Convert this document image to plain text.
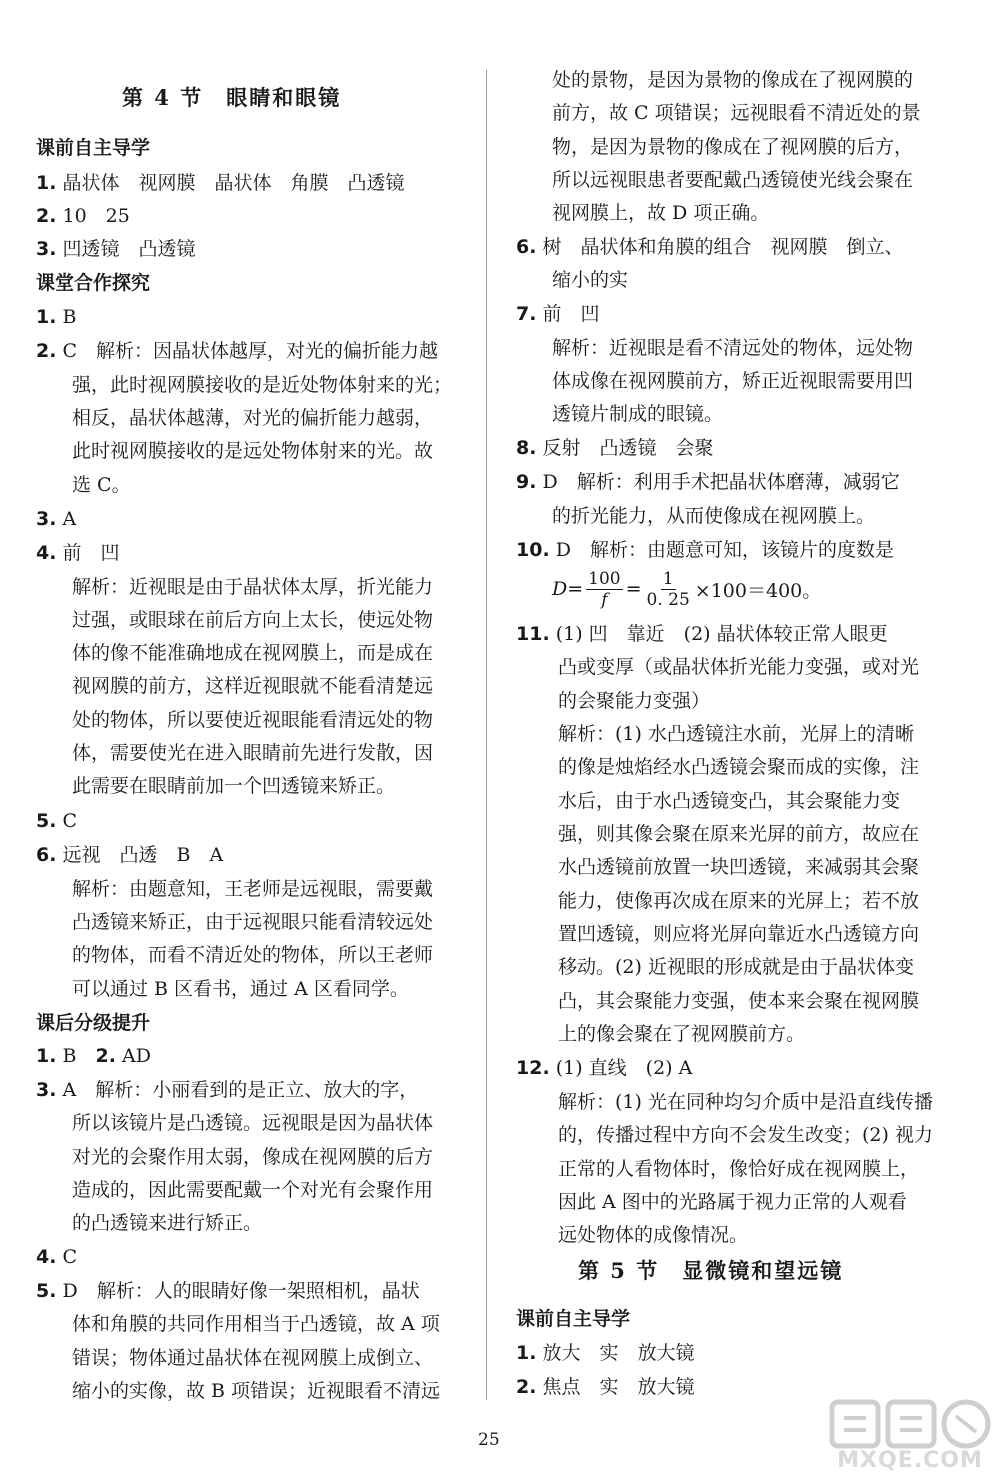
第 4 节　眼睛和眼镜
课前自主导学
1. 晶状体　视网膜　晶状体　角膜　凸透镜
2. 10　25
3. 凹透镜　凸透镜
课堂合作探究
1. B
2. C　解析：因晶状体越厚，对光的偏折能力越
强，此时视网膜接收的是近处物体射来的光；
相反，晶状体越薄，对光的偏折能力越弱，
此时视网膜接收的是远处物体射来的光。故
选 C。
3. A
4. 前　凹
解析：近视眼是由于晶状体太厚，折光能力
过强，或眼球在前后方向上太长，使远处物
体的像不能准确地成在视网膜上，而是成在
视网膜的前方，这样近视眼就不能看清楚远
处的物体，所以要使近视眼能看清远处的物
体，需要使光在进入眼睛前先进行发散，因
此需要在眼睛前加一个凹透镜来矫正。
5. C
6. 远视　凸透　B　A
解析：由题意知，王老师是远视眼，需要戴
凸透镜来矫正，由于远视眼只能看清较远处
的物体，而看不清近处的物体，所以王老师
可以通过 B 区看书，通过 A 区看同学。
课后分级提升
1. B　2. AD
3. A　解析：小丽看到的是正立、放大的字，
所以该镜片是凸透镜。远视眼是因为晶状体
对光的会聚作用太弱，像成在视网膜的后方
造成的，因此需要配戴一个对光有会聚作用
的凸透镜来进行矫正。
4. C
5. D　解析：人的眼睛好像一架照相机，晶状
体和角膜的共同作用相当于凸透镜，故 A 项
错误；物体通过晶状体在视网膜上成倒立、
缩小的实像，故 B 项错误；近视眼看不清远
处的景物，是因为景物的像成在了视网膜的
前方，故 C 项错误；远视眼看不清近处的景
物，是因为景物的像成在了视网膜的后方，
所以远视眼患者要配戴凸透镜使光线会聚在
视网膜上，故 D 项正确。
6. 树　晶状体和角膜的组合　视网膜　倒立、
缩小的实
7. 前　凹
解析：近视眼是看不清远处的物体，远处物
体成像在视网膜前方，矫正近视眼需要用凹
透镜片制成的眼镜。
8. 反射　凸透镜　会聚
9. D　解析：利用手术把晶状体磨薄，减弱它
的折光能力，从而使像成在视网膜上。
10. D　解析：由题意可知，该镜片的度数是
$D = \frac{100}{f} = \frac{1}{0. 25} \times 100=400$。
11. (1) 凹　靠近　(2) 晶状体较正常人眼更
凸或变厚（或晶状体折光能力变强，或对光
的会聚能力变强）
解析：(1) 水凸透镜注水前，光屏上的清晰
的像是烛焰经水凸透镜会聚而成的实像，注
水后，由于水凸透镜变凸，其会聚能力变
强，则其像会聚在原来光屏的前方，故应在
水凸透镜前放置一块凹透镜，来减弱其会聚
能力，使像再次成在原来的光屏上；若不放
置凹透镜，则应将光屏向靠近水凸透镜方向
移动。(2) 近视眼的形成就是由于晶状体变
凸，其会聚能力变强，使本来会聚在视网膜
上的像会聚在了视网膜前方。
12. (1) 直线　(2) A
解析：(1) 光在同种均匀介质中是沿直线传播
的，传播过程中方向不会发生改变；(2) 视力
正常的人看物体时，像恰好成在视网膜上，
因此 A 图中的光路属于视力正常的人观看
远处物体的成像情况。
第 5 节　显微镜和望远镜
课前自主导学
1. 放大　实　放大镜
2. 焦点　实　放大镜
25
MXQE.COM
